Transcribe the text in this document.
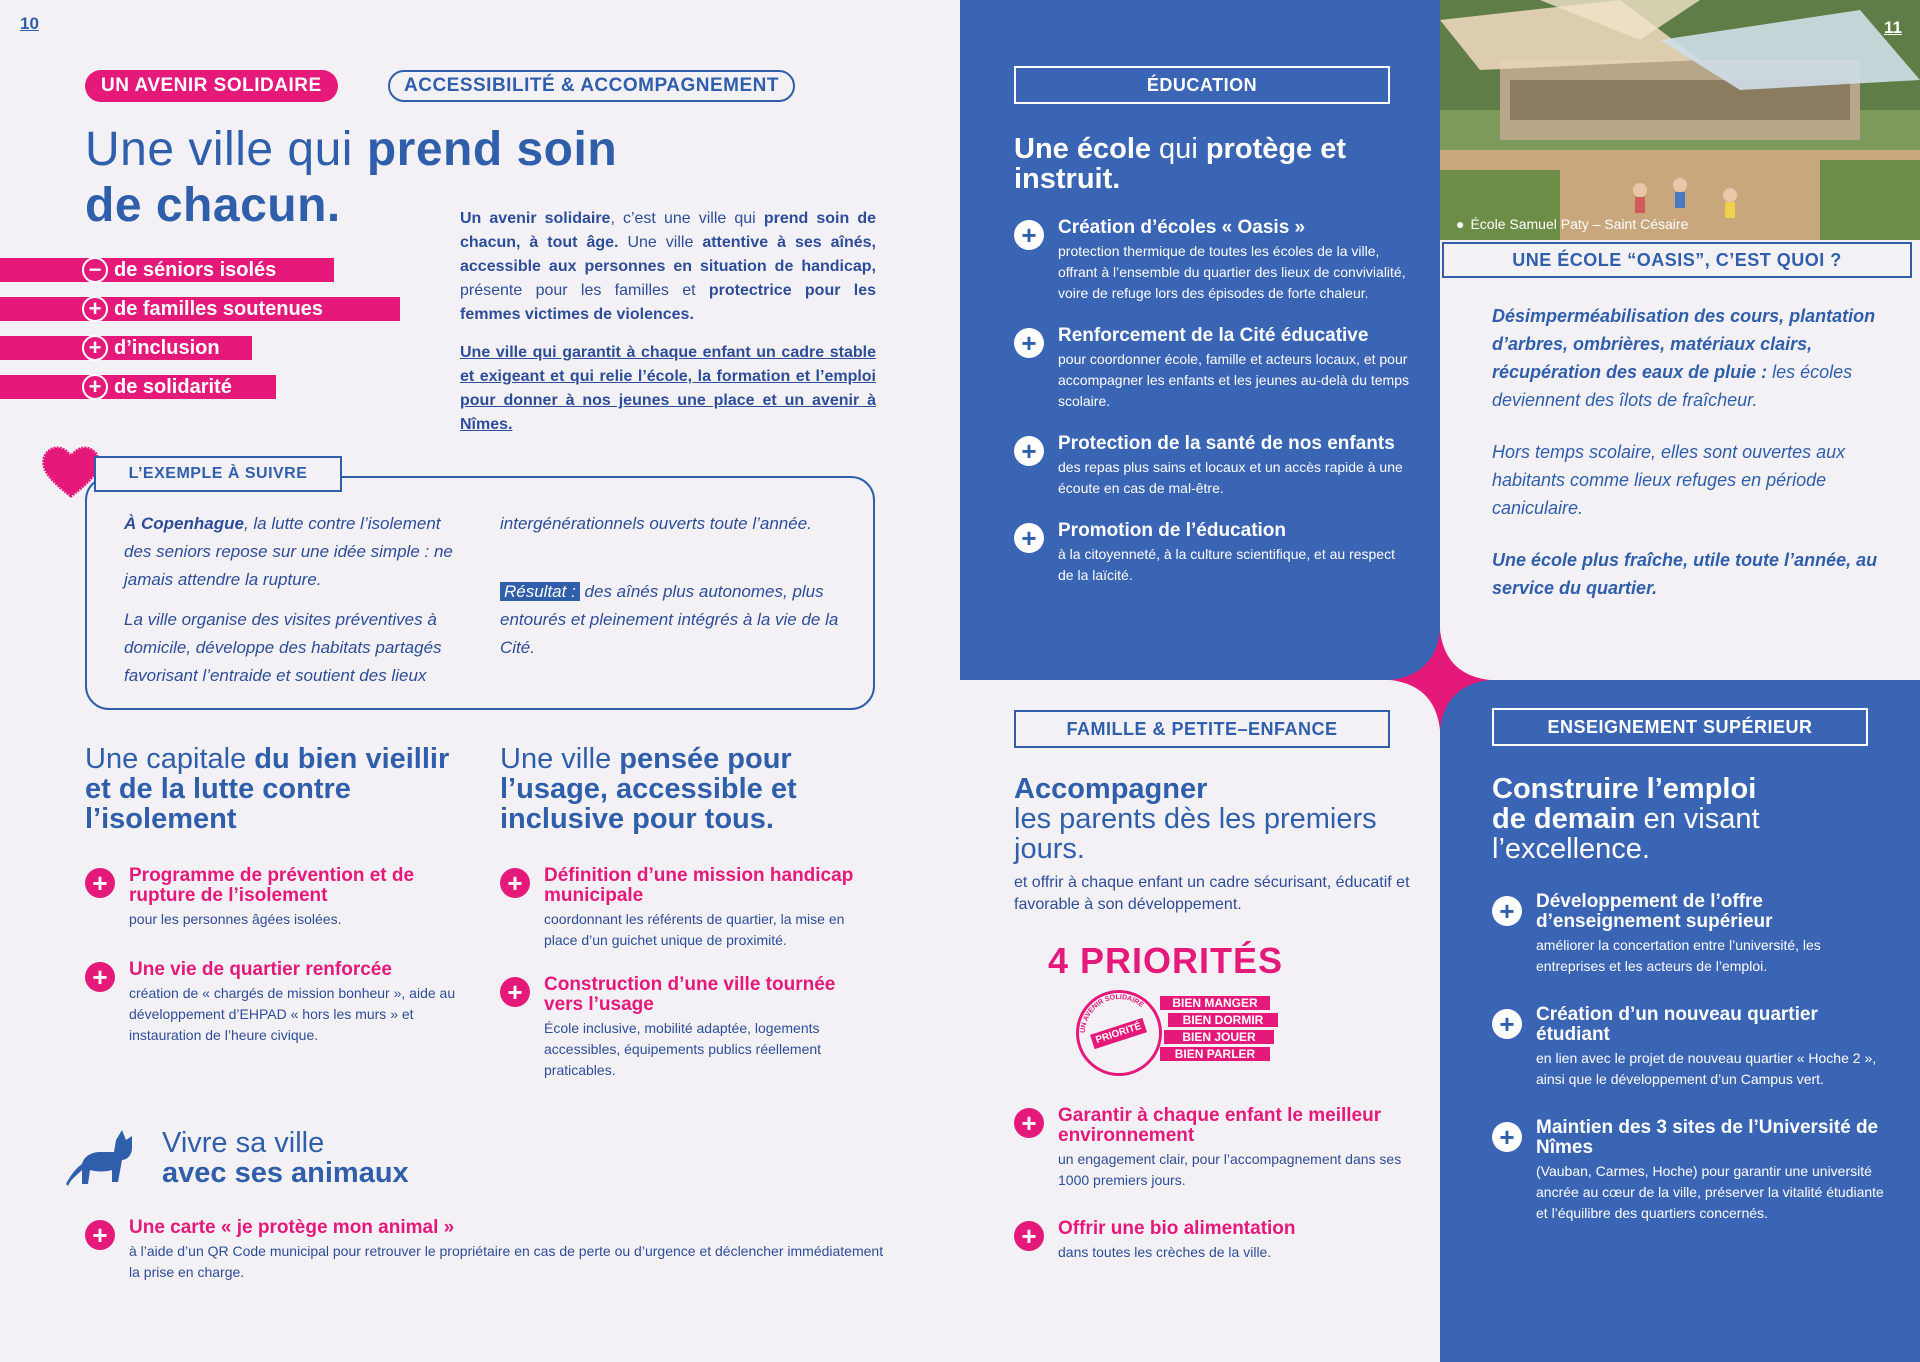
10
UN AVENIR SOLIDAIRE	ACCESSIBILITÉ & ACCOMPAGNEMENT
Une ville qui prend soin
de chacun.	Un avenir solidaire, c’est une ville qui prend soin de chacun, à tout âge. Une ville attentive à ses aînés, accessible aux personnes en situation de handicap, présente pour les familles et protectrice pour les femmes victimes de violences.

Une ville qui garantit à chaque enfant un cadre stable et exigeant et qui relie l’école, la formation et l’emploi pour donner à nos jeunes une place et un avenir à Nîmes.

− de séniors isolés
+ de familles soutenues
+ d’inclusion
+ de solidarité
L’EXEMPLE À SUIVRE

À Copenhague, la lutte contre l’isolement des seniors repose sur une idée simple : ne jamais attendre la rupture.

La ville organise des visites préventives à domicile, développe des habitats partagés favorisant l’entraide et soutient des lieux

intergénérationnels ouverts toute l’année.

Résultat : des aînés plus autonomes, plus entourés et pleinement intégrés à la vie de la Cité.

Une capitale du bien vieillir et de la lutte contre l’isolement
+	Programme de prévention et de rupture de l’isolement
pour les personnes âgées isolées.
+	Une vie de quartier renforcée
création de « chargés de mission bonheur », aide au développement d’EHPAD « hors les murs » et instauration de l’heure civique.
Une ville pensée pour l’usage, accessible et inclusive pour tous.
+	Définition d’une mission handicap municipale
coordonnant les référents de quartier, la mise en place d’un guichet unique de proximité.
+	Construction d’une ville tournée vers l’usage
École inclusive, mobilité adaptée, logements accessibles, équipements publics réellement praticables.
Vivre sa ville
avec ses animaux
+	Une carte « je protège mon animal »
à l’aide d’un QR Code municipal pour retrouver le propriétaire en cas de perte ou d’urgence et déclencher immédiatement la prise en charge.
ÉDUCATION
Une école qui protège et instruit.
+	Création d’écoles « Oasis »
protection thermique de toutes les écoles de la ville, offrant à l’ensemble du quartier des lieux de convivialité, voire de refuge lors des épisodes de forte chaleur.
+	Renforcement de la Cité éducative
pour coordonner école, famille et acteurs locaux, et pour accompagner les enfants et les jeunes au-delà du temps scolaire.
+	Protection de la santé de nos enfants
des repas plus sains et locaux et un accès rapide à une écoute en cas de mal-être.
+	Promotion de l’éducation
à la citoyenneté, à la culture scientifique, et au respect de la laïcité.
● École Samuel Paty – Saint Césaire
11
UNE ÉCOLE “OASIS”, C’EST QUOI ?

Désimperméabilisation des cours, plantation d’arbres, ombrières, matériaux clairs, récupération des eaux de pluie : les écoles deviennent des îlots de fraîcheur.

Hors temps scolaire, elles sont ouvertes aux habitants comme lieux refuges en période caniculaire.

Une école plus fraîche, utile toute l’année, au service du quartier.

FAMILLE & PETITE–ENFANCE
Accompagner
les parents dès les premiers jours.
et offrir à chaque enfant un cadre sécurisant, éducatif et favorable à son développement.
4 PRIORITÉS
UN AVENIR SOLIDAIRE
PRIORITÉ
BIEN MANGER
BIEN DORMIR
BIEN JOUER
BIEN PARLER
+	Garantir à chaque enfant le meilleur environnement
un engagement clair, pour l’accompagnement dans ses 1000 premiers jours.
+	Offrir une bio alimentation
dans toutes les crèches de la ville.
ENSEIGNEMENT SUPÉRIEUR
Construire l’emploi
de demain en visant l’excellence.
+	Développement de l’offre d’enseignement supérieur
améliorer la concertation entre l’université, les entreprises et les acteurs de l’emploi.
+	Création d’un nouveau quartier étudiant
en lien avec le projet de nouveau quartier « Hoche 2 », ainsi que le développement d’un Campus vert.
+	Maintien des 3 sites de l’Université de Nîmes
(Vauban, Carmes, Hoche) pour garantir une université ancrée au cœur de la ville, préserver la vitalité étudiante et l’équilibre des quartiers concernés.
